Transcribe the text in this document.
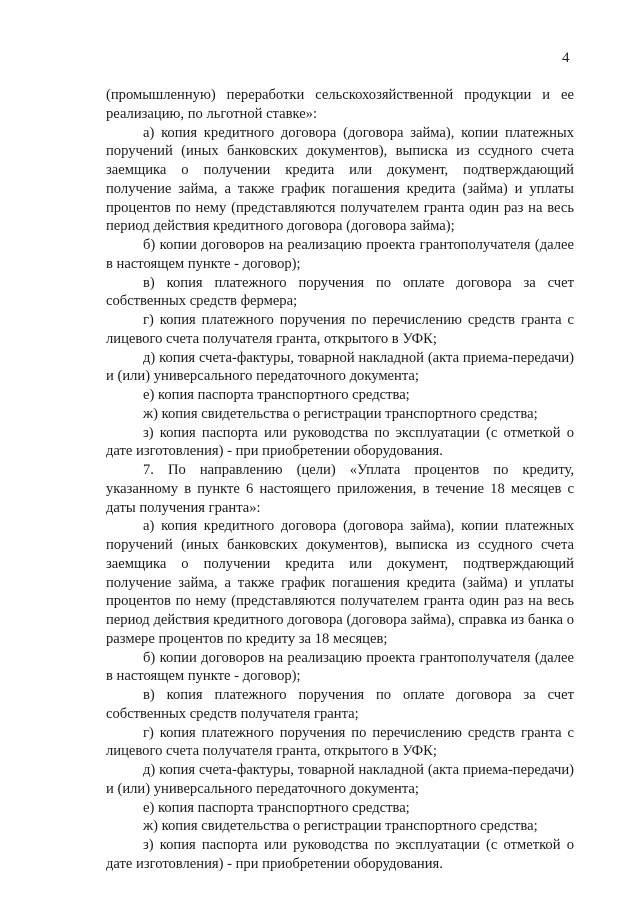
4

(промышленную) переработки сельскохозяйственной продукции и ее реализацию, по льготной ставке»:

а) копия кредитного договора (договора займа), копии платежных поручений (иных банковских документов), выписка из ссудного счета заемщика о получении кредита или документ, подтверждающий получение займа, а также график погашения кредита (займа) и уплаты процентов по нему (представляются получателем гранта один раз на весь период действия кредитного договора (договора займа);

б) копии договоров на реализацию проекта грантополучателя (далее в настоящем пункте - договор);

в) копия платежного поручения по оплате договора за счет собственных средств фермера;

г) копия платежного поручения по перечислению средств гранта с лицевого счета получателя гранта, открытого в УФК;

д) копия счета-фактуры, товарной накладной (акта приема-передачи) и (или) универсального передаточного документа;

е) копия паспорта транспортного средства;

ж) копия свидетельства о регистрации транспортного средства;

з) копия паспорта или руководства по эксплуатации (с отметкой о дате изготовления) - при приобретении оборудования.

7. По направлению (цели) «Уплата процентов по кредиту, указанному в пункте 6 настоящего приложения, в течение 18 месяцев с даты получения гранта»:

а) копия кредитного договора (договора займа), копии платежных поручений (иных банковских документов), выписка из ссудного счета заемщика о получении кредита или документ, подтверждающий получение займа, а также график погашения кредита (займа) и уплаты процентов по нему (представляются получателем гранта один раз на весь период действия кредитного договора (договора займа), справка из банка о размере процентов по кредиту за 18 месяцев;

б) копии договоров на реализацию проекта грантополучателя (далее в настоящем пункте - договор);

в) копия платежного поручения по оплате договора за счет собственных средств получателя гранта;

г) копия платежного поручения по перечислению средств гранта с лицевого счета получателя гранта, открытого в УФК;

д) копия счета-фактуры, товарной накладной (акта приема-передачи) и (или) универсального передаточного документа;

е) копия паспорта транспортного средства;

ж) копия свидетельства о регистрации транспортного средства;

з) копия паспорта или руководства по эксплуатации (с отметкой о дате изготовления) - при приобретении оборудования.
